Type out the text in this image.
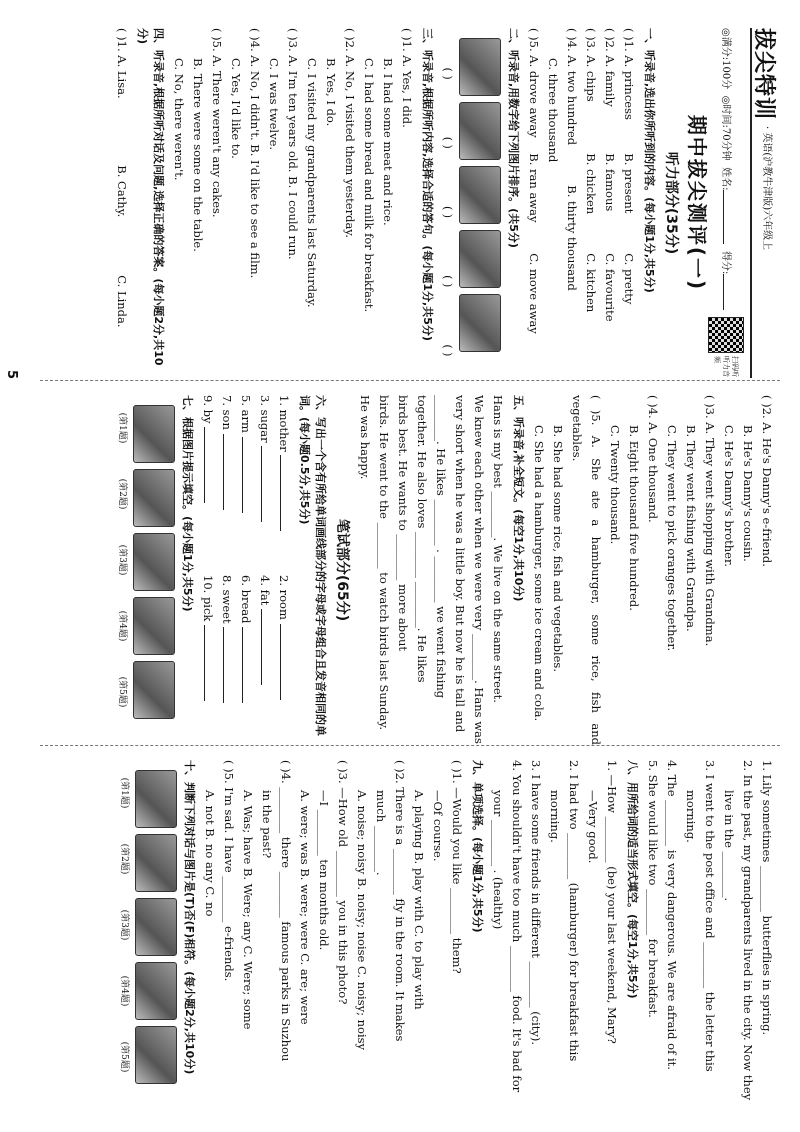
拔尖特训
· 英语(沪教牛津版)六年级上
◎满分:100分
◎时间:70分钟
姓名:
得分:
扫码听听力音频
期中拔尖测评(一)
听力部分(35分)
一、听录音,选出你所听到的内容。(每小题1分,共5分)
( )1. A. princessB. presentC. pretty
( )2. A. familyB. famousC. favourite
( )3. A. chipsB. chickenC. kitchen
( )4. A. two hundredB. thirty thousand
C. three thousand
( )5. A. drove awayB. ran awayC. move away
二、听录音,用数字给下列图片排序。(共5分)
( )
( )
( )
( )
( )
三、听录音,根据所听内容,选择合适的答句。(每小题1分,共5分)
( )1. A. Yes, I did.
B. I had some meat and rice.
C. I had some bread and milk for breakfast.
( )2. A. No, I visited them yesterday.
B. Yes, I do.
C. I visited my grandparents last Saturday.
( )3. A. I'm ten years old. B. I could run.
C. I was twelve.
( )4. A. No, I didn't. B. I'd like to see a film.
C. Yes, I'd like to.
( )5. A. There weren't any cakes.
B. There were some on the table.
C. No, there weren't.
四、听录音,根据所听对话及问题,选择正确的答案。(每小题2分,共10分)
( )1. A. Lisa.B. Cathy.C. Linda.
( )2. A. He's Danny's e-friend.
B. He's Danny's cousin.
C. He's Danny's brother.
( )3. A. They went shopping with Grandma.
B. They went fishing with Grandpa.
C. They went to pick oranges together.
( )4. A. One thousand.
B. Eight thousand five hundred.
C. Twenty thousand.
( )5. A. She ate a hamburger, some rice, fish and vegetables.
B. She had some rice, fish and vegetables.
C. She had a hamburger, some ice cream and cola.
五、听录音,补全短文。(每空1分,共10分)
Hans is my best ________. We live on the same street.
We knew each other when we were very ________. Hans was
very short when he was a little boy. But now he is tall and
________. He likes ________ . ________ we went fishing
together. He also loves ________ ________. He likes
birds best. He wants to ________ more about
birds. He went to the ________ to watch birds last Sunday.
He was happy.
笔试部分(65分)
六、写出一个含有所给单词画线部分的字母或字母组合且发音相同的单词。(每小题0.5分,共5分)
1. mother
2. room
3. sugar
4. fat
5. arm
6. bread
7. son
8. sweet
9. by
10. pick
七、根据图片提示填空。(每小题1分,共5分)
(第1题)
(第2题)
(第3题)
(第4题)
(第5题)
1. Lily sometimes ________ butterflies in spring.
2. In the past, my grandparents lived in the city. Now they
live in the ________.
3. I went to the post office and ________ the letter this
morning.
4. The ________ is very dangerous. We are afraid of it.
5. She would like two ________ for breakfast.
八、用所给词的适当形式填空。(每空1分,共5分)
1. —How ________ (be) your last weekend, Mary?
—Very good.
2. I had two ________ (hamburger) for breakfast this
morning.
3. I have some friends in different ________ (city).
4. You shouldn't have too much ________ food. It's bad for
your ________ . (healthy)
九、单项选择。(每小题1分,共5分)
( )1. —Would you like ________ them?
—Of course.
A. playing B. play with C. to play with
( )2. There is a ________ fly in the room. It makes
much ________.
A. noise; noisy B. noisy; noise C. noisy; noisy
( )3. —How old ________ you in this photo?
—I ________ ten months old.
A. were; was B. were; were C. are; were
( )4. ________ there ________ famous parks in Suzhou
in the past?
A. Was; have B. Were; any C. Were; some
( )5. I'm sad. I have ________ e-friends.
A. not B. no any C. no
十、判断下列对话与图片是(T)否(F)相符。(每小题2分,共10分)
(第1题)
(第2题)
(第3题)
(第4题)
(第5题)
5
